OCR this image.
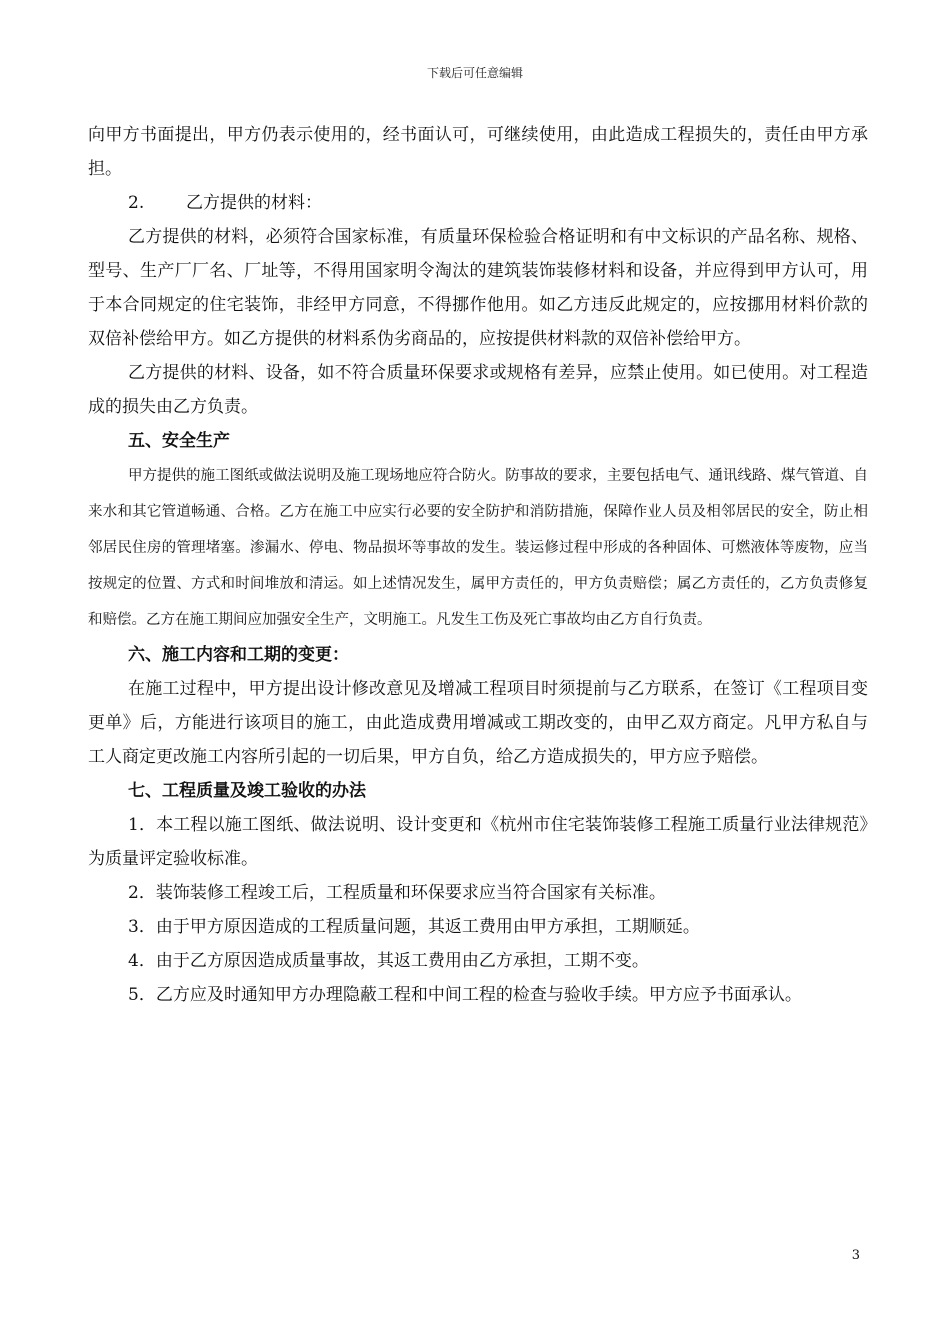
下载后可任意编辑

向甲方书面提出，甲方仍表示使用的，经书面认可，可继续使用，由此造成工程损失的，责任由甲方承担。

2. 乙方提供的材料：

乙方提供的材料，必须符合国家标准，有质量环保检验合格证明和有中文标识的产品名称、规格、型号、生产厂厂名、厂址等，不得用国家明令淘汰的建筑装饰装修材料和设备，并应得到甲方认可，用于本合同规定的住宅装饰，非经甲方同意，不得挪作他用。如乙方违反此规定的，应按挪用材料价款的双倍补偿给甲方。如乙方提供的材料系伪劣商品的，应按提供材料款的双倍补偿给甲方。

乙方提供的材料、设备，如不符合质量环保要求或规格有差异，应禁止使用。如已使用。对工程造成的损失由乙方负责。

五、安全生产

甲方提供的施工图纸或做法说明及施工现场地应符合防火。防事故的要求，主要包括电气、通讯线路、煤气管道、自来水和其它管道畅通、合格。乙方在施工中应实行必要的安全防护和消防措施，保障作业人员及相邻居民的安全，防止相邻居民住房的管理堵塞。渗漏水、停电、物品损坏等事故的发生。装运修过程中形成的各种固体、可燃液体等废物，应当按规定的位置、方式和时间堆放和清运。如上述情况发生，属甲方责任的，甲方负责赔偿；属乙方责任的，乙方负责修复和赔偿。乙方在施工期间应加强安全生产，文明施工。凡发生工伤及死亡事故均由乙方自行负责。

六、施工内容和工期的变更：

在施工过程中，甲方提出设计修改意见及增减工程项目时须提前与乙方联系，在签订《工程项目变更单》后，方能进行该项目的施工，由此造成费用增减或工期改变的，由甲乙双方商定。凡甲方私自与工人商定更改施工内容所引起的一切后果，甲方自负，给乙方造成损失的，甲方应予赔偿。

七、工程质量及竣工验收的办法

1．本工程以施工图纸、做法说明、设计变更和《杭州市住宅装饰装修工程施工质量行业法律规范》为质量评定验收标准。

2．装饰装修工程竣工后，工程质量和环保要求应当符合国家有关标准。

3．由于甲方原因造成的工程质量问题，其返工费用由甲方承担，工期顺延。

4．由于乙方原因造成质量事故，其返工费用由乙方承担，工期不变。

5．乙方应及时通知甲方办理隐蔽工程和中间工程的检查与验收手续。甲方应予书面承认。

3
